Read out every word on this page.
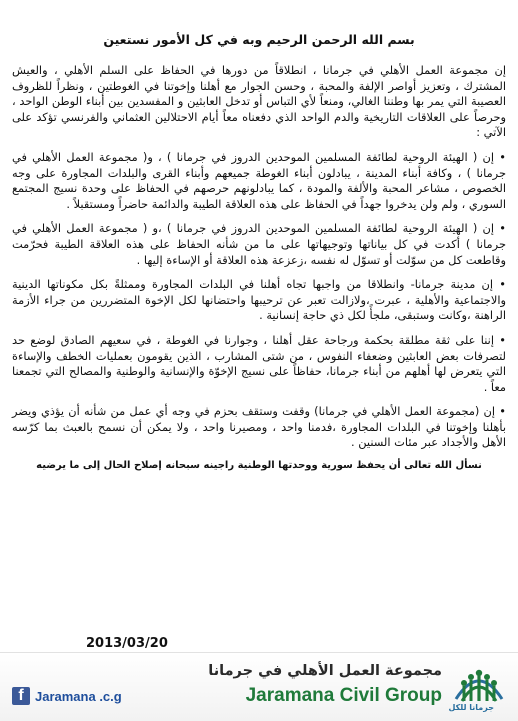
بسم الله الرحمن الرحيم وبه في كل الأمور نستعين

إن مجموعة العمل الأهلي في جرمانا ، انطلاقاً من دورها في الحفاظ على السلم الأهلي ، والعيش المشترك ، وتعزيز أواصر الإلفة والمحبة ، وحسن الجوار مع أهلنا وإخوتنا في الغوطتين ، ونظراً للظروف العصيبة التي يمر بها وطننا الغالي، ومنعاً لأي التباس أو تدخل العابثين و المفسدين بين أبناء الوطن الواحد ، وحرصاً على العلاقات التاريخية والدم الواحد الذي دفعناه معاً أيام الاحتلالين العثماني والفرنسي تؤكد على الآتي :

• إن ( الهيئة الروحية لطائفة المسلمين الموحدين الدروز في جرمانا ) ، و( مجموعة العمل الأهلي في جرمانا ) ، وكافة أبناء المدينة ، يبادلون أبناء الغوطة جميعهم وأبناء القرى والبلدات المجاورة على وجه الخصوص ، مشاعر المحبة والألفة والمودة ، كما يبادلونهم حرصهم في الحفاظ على وحدة نسيج المجتمع السوري ، ولم ولن يدخروا جهداً في الحفاظ على هذه العلاقة الطيبة والدائمة حاضراً ومستقبلاً .

• إن ( الهيئة الروحية لطائفة المسلمين الموحدين الدروز في جرمانا ) ،و ( مجموعة العمل الأهلي في جرمانا ) أكدت في كل بياناتها وتوجيهاتها على ما من شأنه الحفاظ على هذه العلاقة الطيبة فحرّمت وقاطعت كل من سوّلت أو تسوّل له نفسه ،زعزعة هذه العلاقة أو الإساءة إليها .

• إن مدينة جرمانا- وانطلاقا من واجبها تجاه أهلنا في البلدات المجاورة وممثلةً بكل مكوناتها الدينية والاجتماعية والأهلية ، عبرت ،ولازالت تعبر عن ترحيبها واحتضانها لكل الإخوة المتضررين من جراء الأزمة الراهنة ،وكانت وستبقى، ملجأً لكل ذي حاجة إنسانية .

• إننا على ثقة مطلقة بحكمة ورجاحة عقل أهلنا ، وجوارنا في الغوطة ، في سعيهم الصادق لوضع حد لتصرفات بعض العابثين وضعفاء النفوس ، من شتى المشارب ، الذين يقومون بعمليات الخطف والإساءة التي يتعرض لها أهلهم من أبناء جرمانا، حفاظاً على نسيج الإخوّة والإنسانية والوطنية والمصالح التي تجمعنا معاً .

• إن (مجموعة العمل الأهلي في جرمانا) وقفت وستقف بحزم في وجه أي عمل من شأنه أن يؤذي ويضر بأهلنا وإخوتنا في البلدات المجاورة ،فدمنا واحد ، ومصيرنا واحد ، ولا يمكن أن نسمح بالعبث بما كرّسه الأهل والأجداد عبر مئات السنين .

نسأل الله تعالى أن يحفظ سورية ووحدتها الوطنية راجينه سبحانه إصلاح الحال إلى ما يرضيه
2013/03/20
f Jaramana .c.g
مجموعة العمل الأهلي في جرمانا
Jaramana Civil Group
جرمانا للكل
